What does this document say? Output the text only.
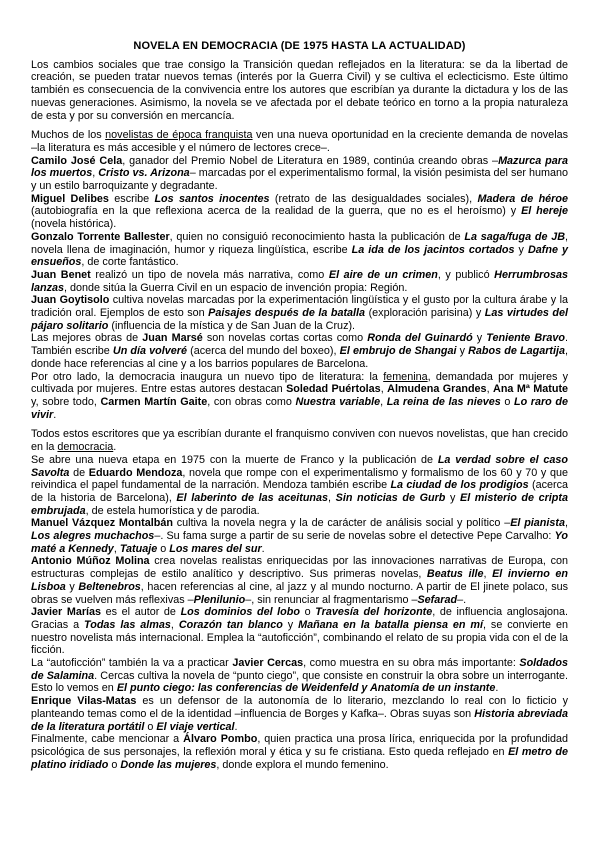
NOVELA EN DEMOCRACIA (DE 1975 HASTA LA ACTUALIDAD)

Los cambios sociales que trae consigo la Transición quedan reflejados en la literatura: se da la libertad de creación, se pueden tratar nuevos temas (interés por la Guerra Civil) y se cultiva el eclecticismo. Este último también es consecuencia de la convivencia entre los autores que escribían ya durante la dictadura y los de las nuevas generaciones. Asimismo, la novela se ve afectada por el debate teórico en torno a la propia naturaleza de esta y por su conversión en mercancía.

Muchos de los novelistas de época franquista ven una nueva oportunidad en la creciente demanda de novelas –la literatura es más accesible y el número de lectores crece–.

Camilo José Cela, ganador del Premio Nobel de Literatura en 1989, continúa creando obras –Mazurca para los muertos, Cristo vs. Arizona– marcadas por el experimentalismo formal, la visión pesimista del ser humano y un estilo barroquizante y degradante.

Miguel Delibes escribe Los santos inocentes (retrato de las desigualdades sociales), Madera de héroe (autobiografía en la que reflexiona acerca de la realidad de la guerra, que no es el heroísmo) y El hereje (novela histórica).

Gonzalo Torrente Ballester, quien no consiguió reconocimiento hasta la publicación de La saga/fuga de JB, novela llena de imaginación, humor y riqueza lingüística, escribe La ida de los jacintos cortados y Dafne y ensueños, de corte fantástico.

Juan Benet realizó un tipo de novela más narrativa, como El aire de un crimen, y publicó Herrumbrosas lanzas, donde sitúa la Guerra Civil en un espacio de invención propia: Región.

Juan Goytisolo cultiva novelas marcadas por la experimentación lingüística y el gusto por la cultura árabe y la tradición oral. Ejemplos de esto son Paisajes después de la batalla (exploración parisina) y Las virtudes del pájaro solitario (influencia de la mística y de San Juan de la Cruz).

Las mejores obras de Juan Marsé son novelas cortas cortas como Ronda del Guinardó y Teniente Bravo. También escribe Un día volveré (acerca del mundo del boxeo), El embrujo de Shangai y Rabos de Lagartija, donde hace referencias al cine y a los barrios populares de Barcelona.

Por otro lado, la democracia inaugura un nuevo tipo de literatura: la femenina, demandada por mujeres y cultivada por mujeres. Entre estas autores destacan Soledad Puértolas, Almudena Grandes, Ana Mª Matute y, sobre todo, Carmen Martín Gaite, con obras como Nuestra variable, La reina de las nieves o Lo raro de vivir.

Todos estos escritores que ya escribían durante el franquismo conviven con nuevos novelistas, que han crecido en la democracia.

Se abre una nueva etapa en 1975 con la muerte de Franco y la publicación de La verdad sobre el caso Savolta de Eduardo Mendoza, novela que rompe con el experimentalismo y formalismo de los 60 y 70 y que reivindica el papel fundamental de la narración. Mendoza también escribe La ciudad de los prodigios (acerca de la historia de Barcelona), El laberinto de las aceitunas, Sin noticias de Gurb y El misterio de cripta embrujada, de estela humorística y de parodia.

Manuel Vázquez Montalbán cultiva la novela negra y la de carácter de análisis social y político –El pianista, Los alegres muchachos–. Su fama surge a partir de su serie de novelas sobre el detective Pepe Carvalho: Yo maté a Kennedy, Tatuaje o Los mares del sur.

Antonio Múñoz Molina crea novelas realistas enriquecidas por las innovaciones narrativas de Europa, con estructuras complejas de estilo analítico y descriptivo. Sus primeras novelas, Beatus ille, El invierno en Lisboa y Beltenebros, hacen referencias al cine, al jazz y al mundo nocturno. A partir de El jinete polaco, sus obras se vuelven más reflexivas –Plenilunio–, sin renunciar al fragmentarismo –Sefarad–.

Javier Marías es el autor de Los dominios del lobo o Travesía del horizonte, de influencia anglosajona. Gracias a Todas las almas, Corazón tan blanco y Mañana en la batalla piensa en mí, se convierte en nuestro novelista más internacional. Emplea la “autoficción”, combinando el relato de su propia vida con el de la ficción.

La “autoficción” también la va a practicar Javier Cercas, como muestra en su obra más importante: Soldados de Salamina. Cercas cultiva la novela de “punto ciego”, que consiste en construir la obra sobre un interrogante. Esto lo vemos en El punto ciego: las conferencias de Weidenfeld y Anatomía de un instante.

Enrique Vilas-Matas es un defensor de la autonomía de lo literario, mezclando lo real con lo ficticio y planteando temas como el de la identidad –influencia de Borges y Kafka–. Obras suyas son Historia abreviada de la literatura portátil o El viaje vertical.

Finalmente, cabe mencionar a Álvaro Pombo, quien practica una prosa lírica, enriquecida por la profundidad psicológica de sus personajes, la reflexión moral y ética y su fe cristiana. Esto queda reflejado en El metro de platino iridiado o Donde las mujeres, donde explora el mundo femenino.
